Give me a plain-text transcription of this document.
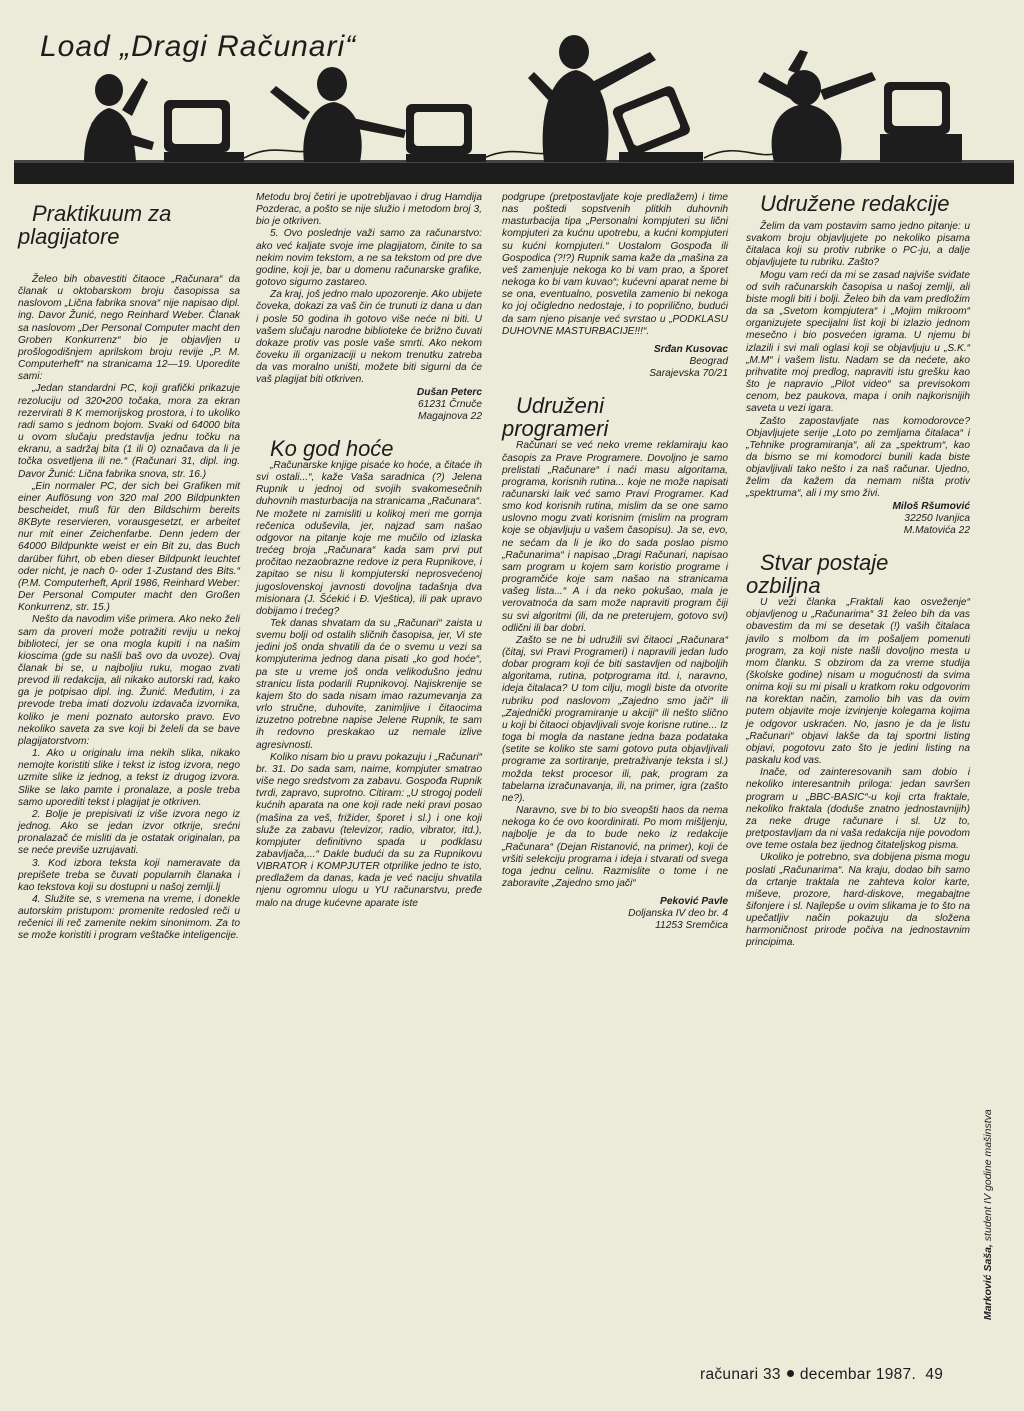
Load „Dragi Računari“

Praktikuum za plagijatore

Želeo bih obavestiti čitaoce „Računara“ da članak u oktobarskom broju časopissa sa naslovom „Lična fabrika snova“ nije napisao dipl. ing. Davor Žunić, nego Reinhard Weber. Članak sa naslovom „Der Personal Computer macht den Groben Konkurrenz“ bio je objavljen u prošlogodišnjem aprilskom broju revije „P. M. Computerheft“ na stranicama 12—19. Uporedite sami:

„Jedan standardni PC, koji grafički prikazuje rezoluciju od 320•200 točaka, mora za ekran rezervirati 8 K memorijskog prostora, i to ukoliko radi samo s jednom bojom. Svaki od 64000 bita u ovom slučaju predstavlja jednu točku na ekranu, a sadržaj bita (1 ili 0) označava da li je točka osvetljena ili ne.“ (Računari 31, dipl. ing. Davor Žunić: Lična fabrika snova, str. 16.)

„Ein normaler PC, der sich bei Grafiken mit einer Auflösung von 320 mal 200 Bildpunkten bescheidet, muß für den Bildschirm bereits 8KByte reservieren, vorausgesetzt, er arbeitet nur mit einer Zeichenfarbe. Denn jedem der 64000 Bildpunkte weist er ein Bit zu, das Buch darüber führt, ob eben dieser Bildpunkt leuchtet oder nicht, je nach 0- oder 1-Zustand des Bits.“ (P.M. Computerheft, April 1986, Reinhard Weber: Der Personal Computer macht den Großen Konkurrenz, str. 15.)

Nešto da navodim više primera. Ako neko želi sam da proveri može potražiti reviju u nekoj biblioteci, jer se ona mogla kupiti i na našim kioscima (gde su našli baš ovo da uvoze). Ovaj članak bi se, u najboljiu ruku, mogao zvati prevod ili redakcija, ali nikako autorski rad, kako ga je potpisao dipl. ing. Žunić. Međutim, i za prevode treba imati dozvolu izdavača izvornika, koliko je meni poznato autorsko pravo. Evo nekoliko saveta za sve koji bi želeli da se bave plagijatorstvom:

1. Ako u originalu ima nekih slika, nikako nemojte koristiti slike i tekst iz istog izvora, nego uzmite slike iz jednog, a tekst iz drugog izvora. Slike se lako pamte i pronalaze, a posle treba samo uporediti tekst i plagijat je otkriven.

2. Bolje je prepisivati iz više izvora nego iz jednog. Ako se jedan izvor otkrije, srećni pronalazač će misliti da je ostatak originalan, pa se neće previše uzrujavati.

3. Kod izbora teksta koji namеravate da prepišete treba se čuvati popularnih članaka i kao tekstova koji su dostupni u našoj zemlji.lj

4. Služite se, s vremena na vreme, i donekle autorskim pristupom: promenite redosled reči u rečenici ili reč zamenite nekim sinonimom. Za to se može koristiti i program veštačke inteligencije.

Metodu broj četiri je upotrebljavao i drug Hamdija Pozderac, a pošto se nije služio i metodom broj 3, bio je otkriven.

5. Ovo poslednje važi samo za računarstvo: ako već kaljate svoje ime plagijatom, činite to sa nekim novim tekstom, a ne sa tekstom od pre dve godine, koji je, bar u domenu računarske grafike, gotovo sigurno zastareo.

Za kraj, još jedno malo upozorenje. Ako ubijete čoveka, dokazi za vaš čin će trunuti iz dana u dan i posle 50 godina ih gotovo više neće ni biti. U vašem slučaju narodne biblioteke će brižno čuvati dokaze protiv vas posle vaše smrti. Ako nekom čoveku ili organizaciji u nekom trenutku zatreba da vas moralno uništi, možete biti sigurni da će vaš plagijat biti otkriven.

Dušan Peterc

61231 Črnuče

Magajnova 22

Ko god hoće

„Računarske knjige pisaće ko hoće, a čitaće ih svi ostali...“, kaže Vaša saradnica (?) Jelena Rupnik u jednoj od svojih svakomesečnih duhovnih masturbacija na stranicama „Računara“. Ne možete ni zamisliti u kolikoj meri me gornja rečenica oduševila, jer, najzad sam našao odgovor na pitanje koje me mučilo od izlaska trećeg broja „Računara“ kada sam prvi put pročitao nezaobrazne redove iz pera Rupnikove, i zapitao se nisu li kompjuterski neprosvećenoj jugoslovenskoj javnosti dovoljna tadašnja dva misionara (J. Šćekić i Đ. Vještica), ili pak upravo dobijamo i trećeg?

Tek danas shvatam da su „Računari“ zaista u svemu bolji od ostalih sličnih časopisa, jer, Vi ste jedini još onda shvatili da će o svemu u vezi sa kompjuterima jednog dana pisati „ko god hoće“, pa ste u vreme još onda velikodušno jednu stranicu lista podarili Rupnikovoj. Najiskrenije se kajem što do sada nisam imao razumevanja za vrlo stručne, duhovite, zanimljive i čitaocima izuzetno potrebne napise Jelene Rupnik, te sam ih redovno preskakao uz nemale izlive agresivnosti.

Koliko nisam bio u pravu pokazuju i „Računari“ br. 31. Do sada sam, naime, kompjuter smatrao više nego sredstvom za zabavu. Gospođa Rupnik tvrdi, zapravo, suprotno. Citiram: „U strogoj podeli kućnih aparata na one koji rade neki pravi posao (mašina za veš, frižider, šporet i sl.) i one koji služe za zabavu (televizor, radio, vibrator, itd.), kompjuter definitivno spada u podklasu zabavljača,...“ Dakle budući da su za Rupnikovu VIBRATOR i KOMPJUTER otprilike jedno te isto, predlažem da danas, kada je već naciju shvatila njenu ogromnu ulogu u YU računarstvu, pređe malo na druge kućevne aparate iste

podgrupe (pretpostavljate koje predlažem) i time nas poštedi sopstvenih plitkih duhovnih masturbacija tipa „Personalni kompjuteri su lični kompjuteri za kućnu upotrebu, a kućni kompjuteri su kućni kompjuteri.“ Uostalom Gospođa ili Gospodica (?!?) Rupnik sama kaže da „mašina za veš zamenjuje nekoga ko bi vam prao, a šporet nekoga ko bi vam kuvao“; kućevni aparat neme bi se ona, eventualno, posvetila zamenio bi nekoga ko joj očigledno nedostaje, i to popriličnо, budući da sam njeno pisanje već svrstao u „PODKLASU DUHOVNE MASTURBACIJE!!!“.

Srđan Kusovac

Beograd

Sarajevska 70/21

Udruženi programeri

Računari se već neko vreme reklamiraju kao časopis za Prave Programere. Dovoljno je samo prelistati „Računare“ i naći masu algoritama, programa, korisnih rutina... koje ne može napisati računarski laik već samo Pravi Programer. Kad smo kod korisnih rutina, mislim da se one samo uslovno mogu zvati korisnim (mislim na program koje se objavljuju u vašem časopisu). Ja se, evo, ne sećam da li je iko do sada poslao pismo „Računarima“ i napisao „Dragi Računari, napisao sam program u kojem sam koristio programe i programčiće koje sam našao na stranicama vašeg lista...“ A i da neko pokušao, mala je verovatnoća da sam može napraviti program čiji su svi algoritmi (ili, da ne preterujem, gotovo svi) odlični ili bar dobri.

Zašto se ne bi udružili svi čitaoci „Računara“ (čitaj, svi Pravi Programeri) i napravili jedan ludo dobar program koji će biti sastavljen od najboljih algoritama, rutina, potprograma itd. i, naravno, ideja čitalaca? U tom cilju, mogli biste da otvorite rubriku pod naslovom „Zajedno smo jači“ ili „Zajednički programiranje u akciji“ ili nešto slično u koji bi čitaoci objavljivali svoje korisne rutine... Iz toga bi mogla da nastane jedna baza podataka (setite se koliko ste sami gotovo puta objavljivali programe za sortiranje, pretraživanje teksta i sl.) možda tekst procesor ili, pak, program za tabelarna izračunavanja, ili, na primer, igra (zašto ne?).

Naravno, sve bi to bio sveopšti haos da nema nekoga ko će ovo koordinirati. Po mom mišljenju, najbolje je da to bude neko iz redakcije „Računara“ (Dejan Ristanović, na primer), koji će vršiti selekciju programa i ideja i stvarati od svega toga jednu celinu. Razmislite o tome i ne zaboravite „Zajedno smo jači“

Peković Pavle

Doljanska IV deo br. 4

11253 Sremčica

Udružene redakcije

Želim da vam postavim samo jedno pitanje: u svakom broju objavljujete po nekoliko pisama čitalaca koji su protiv rubrike o PC-ju, a dalje objavljujete tu rubriku. Zašto?

Mogu vam reći da mi se zasad najviše sviđate od svih računarskih časopisa u našoj zemlji, ali biste mogli biti i bolji. Želeo bih da vam predložim da sa „Svetom kompjutera“ i „Mojim mikroom“ organizujete specijalni list koji bi izlazio jednom mesečno i bio posvećen igrama. U njemu bi izlazili i svi mali oglasi koji se objavljuju u „S.K.“ „M.M“ i vašem listu. Nadam se da nećete, ako prihvatite moj predlog, napraviti istu grešku kao što je napravio „Pilot video“ sa previsokom cenom, bez paukova, mapa i onih najkorisnijih saveta u vezi igara.

Zašto zapostavljate nas komodorovce? Objavljujete serije „Loto po zemljama čitalaca“ i „Tehnike programiranja“, ali za „spektrum“, kao da bismo se mi komodorci bunili kada biste objavljivali tako nešto i za naš računar. Ujedno, želim da kažem da nemam ništa protiv „spektruma“, ali i my smo živi.

Miloš Ršumović

32250 Ivanjica

M.Matovića 22

Stvar postaje ozbiljna

U vezi članka „Fraktali kao osveženje“ objavljenog u „Računarima“ 31 želeo bih da vas obavestim da mi se desetak (!) vaših čitalaca javilo s molbom da im pošaljem pomenuti program, za koji niste našli dovoljno mesta u mom članku. S obzirom da za vreme studija (školske godine) nisam u mogućnosti da svima onima koji su mi pisali u kratkom roku odgovorim na korektan način, zamolio bih vas da ovim putem objavite moje izvinjenje kolegama kojima je odgovor uskraćen. No, jasno je da je listu „Računari“ objavi lakše da taj sportni listing objavi, pogotovu zato što je jedini listing na paskalu kod vas.

Inače, od zainteresovanih sam dobio i nekoliko interesantnih priloga: jedan savršen program u „BBC-BASIC“-u koji crta fraktale, nekoliko fraktala (doduše znatno jednostavnijih) za neke druge računare i sl. Uz to, pretpostavljam da ni vaša redakcija nije povodom ove teme ostala bez ijednog čitateljskog pisma.

Ukoliko je potrebno, sva dobijena pisma mogu poslati „Računarima“. Na kraju, dodao bih samo da crtanje traktala ne zahteva kolor karte, miševe, prozore, hard-diskove, megabajtne šifonjere i sl. Najlepše u ovim slikama je to što na upečatljiv način pokazuju da složena harmoničnost prirode počiva na jednostavnim principima.

Marković Saša, student IV godine mašinstva
računari 33 decembar 1987. 49
